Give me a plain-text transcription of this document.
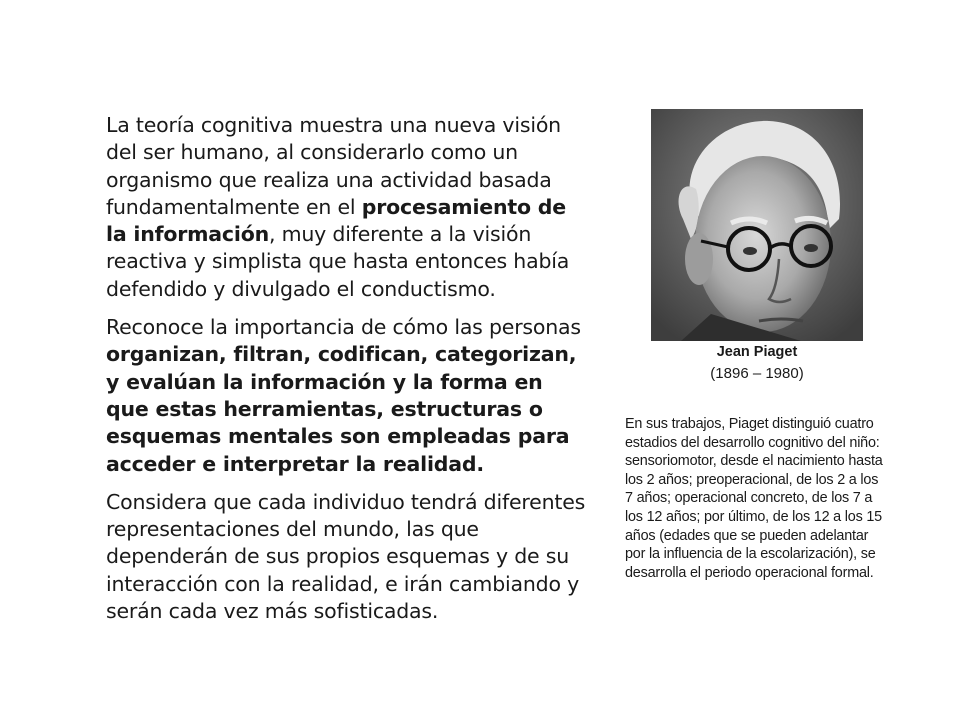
La teoría cognitiva muestra una nueva visión del ser humano, al considerarlo como un organismo que realiza una actividad basada fundamentalmente en el procesamiento de la información, muy diferente a la visión reactiva y simplista que hasta entonces había defendido y divulgado el conductismo.

Reconoce la importancia de cómo las personas organizan, filtran, codifican, categorizan, y evalúan la información y la forma en que estas herramientas, estructuras o esquemas mentales son empleadas para acceder e interpretar la realidad.

Considera que cada individuo tendrá diferentes representaciones del mundo, las que dependerán de sus propios esquemas y de su interacción con la realidad, e irán cambiando y serán cada vez más sofisticadas.

Jean Piaget
(1896 – 1980)
En sus trabajos, Piaget distinguió cuatro estadios del desarrollo cognitivo del niño: sensoriomotor, desde el nacimiento hasta los 2 años; preoperacional, de los 2 a los 7 años; operacional concreto, de los 7 a los 12 años; por último, de los 12 a los 15 años (edades que se pueden adelantar por la influencia de la escolarización), se desarrolla el periodo operacional formal.
